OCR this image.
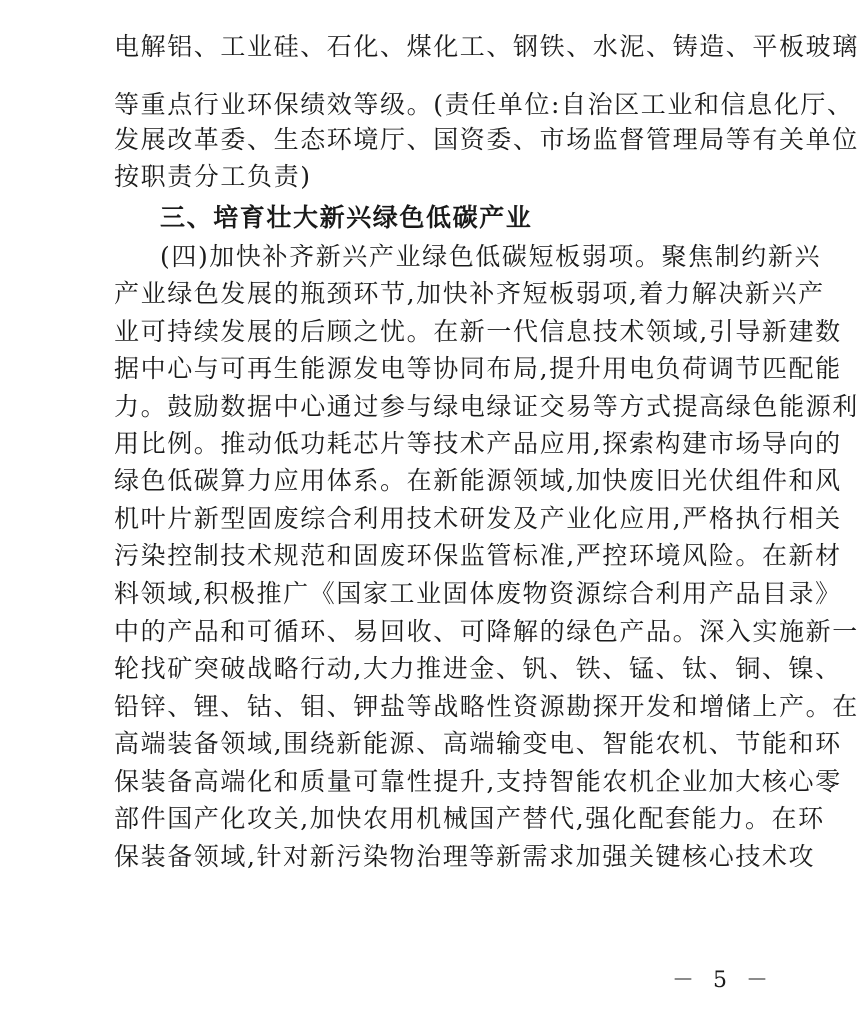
电解铝、工业硅、石化、煤化工、钢铁、水泥、铸造、平板玻璃
等重点行业环保绩效等级。(责任单位:自治区工业和信息化厅、
发展改革委、生态环境厅、国资委、市场监督管理局等有关单位
按职责分工负责)
三、培育壮大新兴绿色低碳产业
(四)加快补齐新兴产业绿色低碳短板弱项。聚焦制约新兴
产业绿色发展的瓶颈环节,加快补齐短板弱项,着力解决新兴产
业可持续发展的后顾之忧。在新一代信息技术领域,引导新建数
据中心与可再生能源发电等协同布局,提升用电负荷调节匹配能
力。鼓励数据中心通过参与绿电绿证交易等方式提高绿色能源利
用比例。推动低功耗芯片等技术产品应用,探索构建市场导向的
绿色低碳算力应用体系。在新能源领域,加快废旧光伏组件和风
机叶片新型固废综合利用技术研发及产业化应用,严格执行相关
污染控制技术规范和固废环保监管标准,严控环境风险。在新材
料领域,积极推广《国家工业固体废物资源综合利用产品目录》
中的产品和可循环、易回收、可降解的绿色产品。深入实施新一
轮找矿突破战略行动,大力推进金、钒、铁、锰、钛、铜、镍、
铅锌、锂、钴、钼、钾盐等战略性资源勘探开发和增储上产。在
高端装备领域,围绕新能源、高端输变电、智能农机、节能和环
保装备高端化和质量可靠性提升,支持智能农机企业加大核心零
部件国产化攻关,加快农用机械国产替代,强化配套能力。在环
保装备领域,针对新污染物治理等新需求加强关键核心技术攻
－ 5 －
